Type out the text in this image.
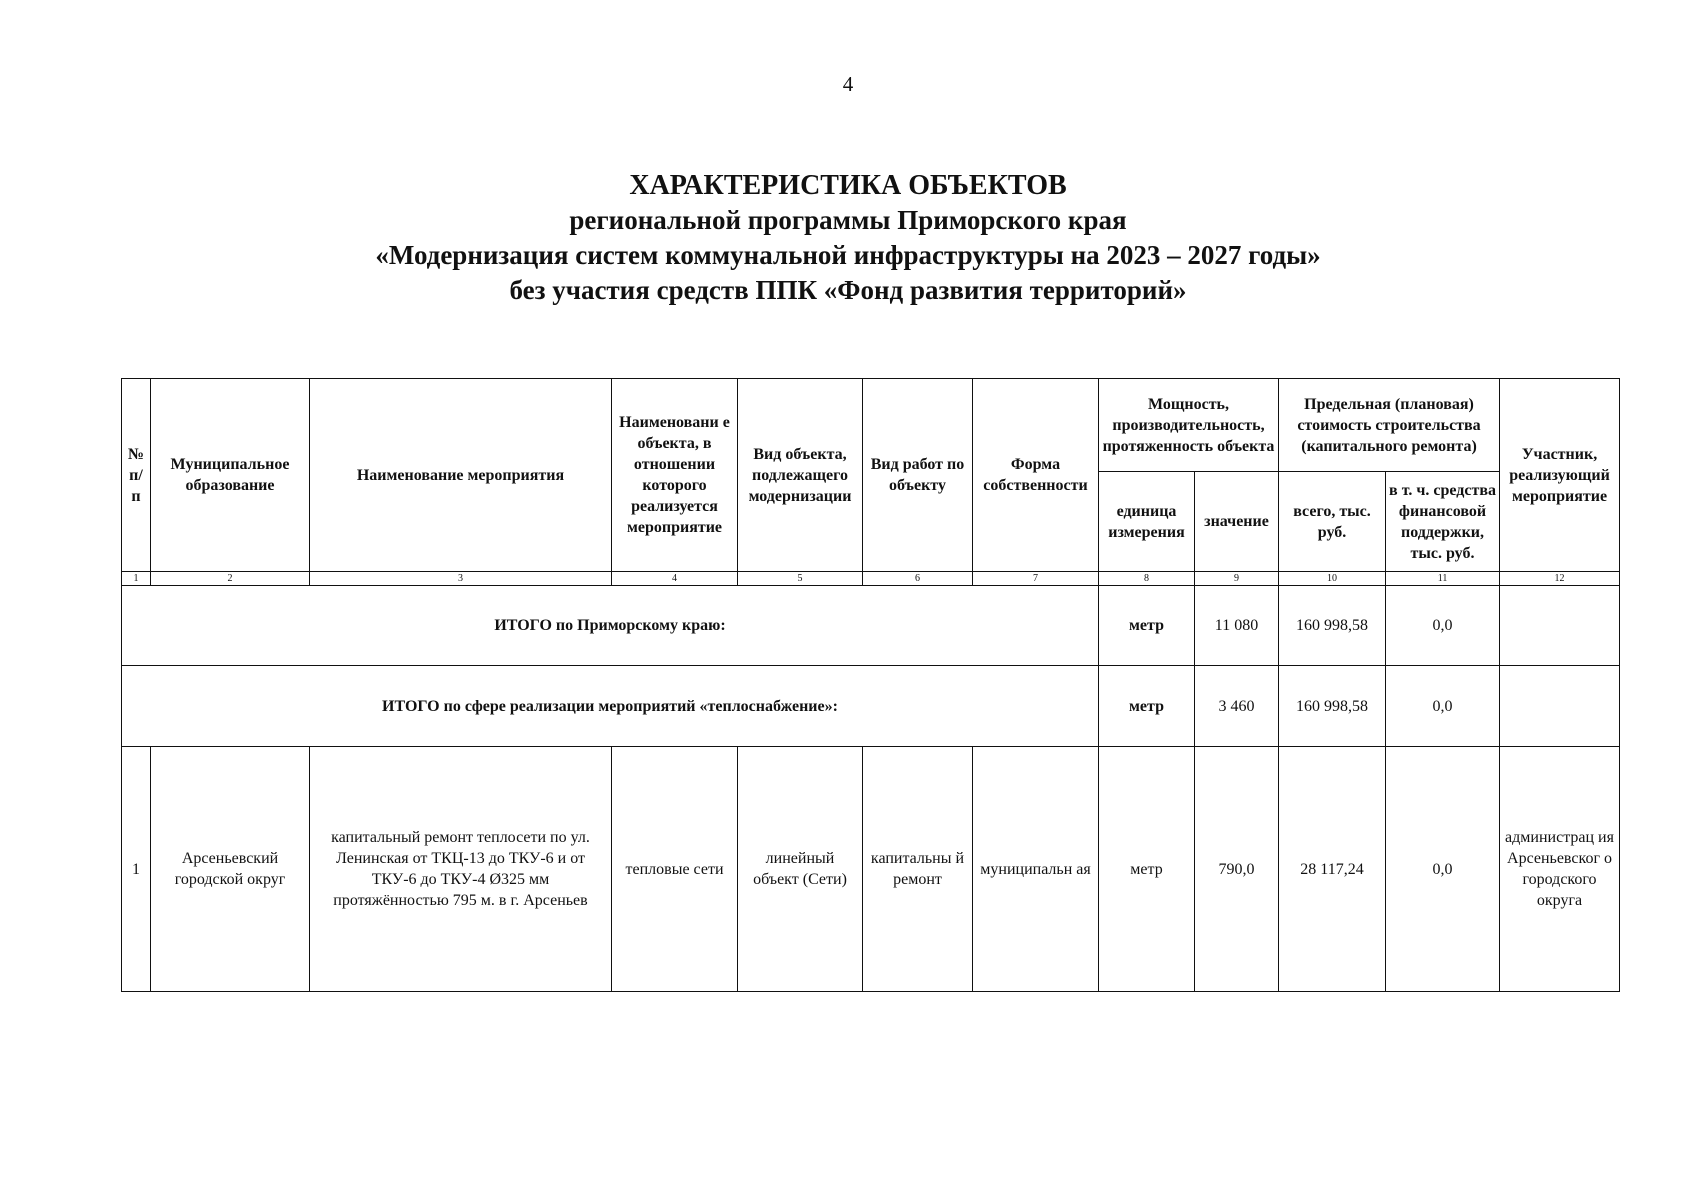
4
ХАРАКТЕРИСТИКА ОБЪЕКТОВ
региональной программы Приморского края
«Модернизация систем коммунальной инфраструктуры на 2023 – 2027 годы»
без участия средств ППК «Фонд развития территорий»
№ п/п	Муниципальное образование	Наименование мероприятия	Наименовани е объекта, в отношении которого реализуется мероприятие	Вид объекта, подлежащего модернизации	Вид работ по объекту	Форма собственности	Мощность, производительность, протяженность объекта		Предельная (плановая) стоимость строительства (капитального ремонта)		Участник, реализующий мероприятие
							единица измерения	значение	всего, тыс. руб.	в т. ч. средства финансовой поддержки, тыс. руб.	
1	2	3	4	5	6	7	8	9	10	11	12
ИТОГО по Приморскому краю:							метр	11 080	160 998,58	0,0	
ИТОГО по сфере реализации мероприятий «теплоснабжение»:							метр	3 460	160 998,58	0,0	
1	Арсеньевский городской округ	капитальный ремонт теплосети по ул. Ленинская от ТКЦ-13 до ТКУ-6 и от ТКУ-6 до ТКУ-4 Ø325 мм протяжённостью 795 м. в г. Арсеньев	тепловые сети	линейный объект (Сети)	капитальны й ремонт	муниципальн ая	метр	790,0	28 117,24	0,0	администрац ия Арсеньевског о городского округа
